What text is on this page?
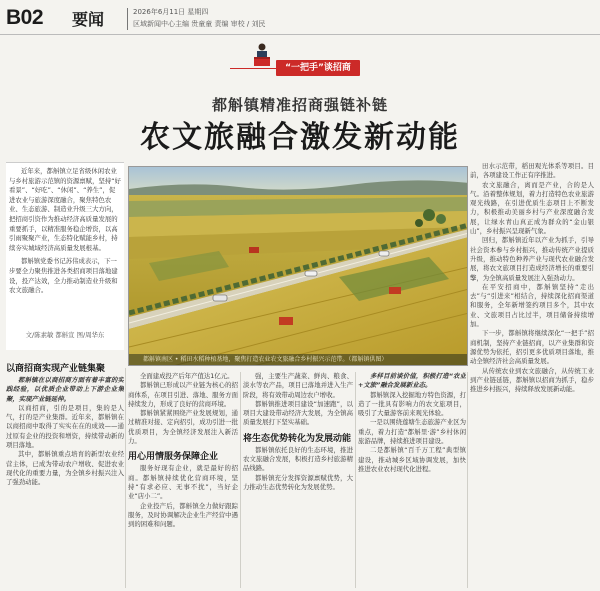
B02 要闻	2026年6月11日 星期四
区域新闻中心主编 贵童童 责编 审校 / 刘民
“一把手”谈招商
都斛镇精准招商强链补链
农文旅融合激发新动能
近年来，都斛镇立足省级休闲农业与乡村旅游示范镇的资源禀赋，坚持“好看景”、“好吃”、“休闲”、“养生”，促进农业与旅游深度融合，聚焦特色农业、生态旅游、制造业升级三大方向，把招商引资作为推动经济高质量发展的重要抓手，以精准服务稳企增资，以高引雨聚聚产业，生态特化赋能乡村，持续夯实城域经济高质量发展根基。
都斛镇党委书记苏伟成表示，下一步要全力聚焦推进各类招商项目落地建设，投产达效，全力推动制造业升级和农文旅融合。
文/陈素敏 都斛宣 图/周华东
都斛镇南区 • 稻田水稻种植基地，聚焦打造农业农文旅融合乡村振兴示范带。（都斛镇供图）

田水示范带，稻田观光体系等项目。目前，各项建设工作正有序推进。

农文旅融合，离而是产业，合的是人气。沿着整体规划，着力打造特色农业旅游观光线路，在引进优质生态项目上不断发力，积极推动美丽乡村与产业深度融合发展，让绿水青山真正成为群众的“金山银山”，乡村振兴呈现新气象。

回归，都斛镇近年以产业为抓手，引导社会资本参与乡村振兴，推动传统产业提质升级，推动特色种养产业与现代农业融合发展，将农文旅项目打造成经济增长的重要引擎，为全镇高质量发展注入强劲动力。

在平安招商中，都斛镇坚持“走出去”与“引进来”相结合，持续深化招商渠道和服务，全年新增签约项目多个，其中农业、文旅项目占比过半，项目储备持续增加。

下一步，都斛镇将继续深化“一把手”招商机制，坚持产业链招商，以产业集群和资源优势为依托，招引更多优质项目落地，推动全镇经济社会高质量发展。

从传统农业到农文旅融合，从传统工业到产业链延链，都斛镇以招商为抓手，稳步推进乡村振兴，持续释放发展新动能。

以商招商实现产业链集聚

都斛镇在以商招商方面有着丰富的实践经验，以优质企业带动上下游企业集聚，实现产业链延伸。

以商招商，引的是项目，集的是人气，打的是产业集群。近年来，都斛镇在以商招商中取得了实实在在的成效——通过原有企业的投资和增资，持续带动新的项目落地。

其中，都斛镇重点培育的新型农业经营主体，已成为带动农户增收、促进农业现代化的重要力量，为全镇乡村振兴注入了强劲动能。

全面建成投产后年产值达1亿元。

都斛镇已形成以产业链为核心的招商体系，在项目引进、落地、服务方面持续发力，形成了良好的营商环境。

都斛镇紧紧围绕产业发展规划，通过精准对接、定向招引，成功引进一批优质项目，为全镇经济发展注入新活力。

用心用情服务保障企业

服务好现有企业，就是最好的招商。都斛镇持续优化营商环境，坚持“有求必应、无事不扰”，当好企业“店小二”。

企业投产后，都斛镇全力做好跟踪服务，及时协调解决企业生产经营中遇到的困难和问题。

强，主要生产蔬菜、鲜肉、粮食、淡水等农产品，项目已落地并进入生产阶段，将有效带动周边农户增收。

都斛镇推进项目建设“加速跑”，以项目大建设带动经济大发展，为全镇高质量发展打下坚实基础。

将生态优势转化为发展动能

都斛镇依托良好的生态环境，推进农文旅融合发展，积极打造乡村旅游精品线路。

都斛镇充分发挥资源禀赋优势，大力推动生态优势转化为发展优势。

多样目前谈价值，积极打造“农业+文旅”融合发展新业态。

都斛镇深入挖掘地方特色资源，打造了一批具有影响力的农文旅项目，吸引了大量游客前来观光体验。

一是以围绕莲塘生态旅游产业区为重点，着力打造“都斛里·游”乡村休闲旅游品牌，持续推进项目建设。

二是都斛镇“百千万工程”典型镇建设，推动城乡区域协调发展，加快推进农业农村现代化进程。
